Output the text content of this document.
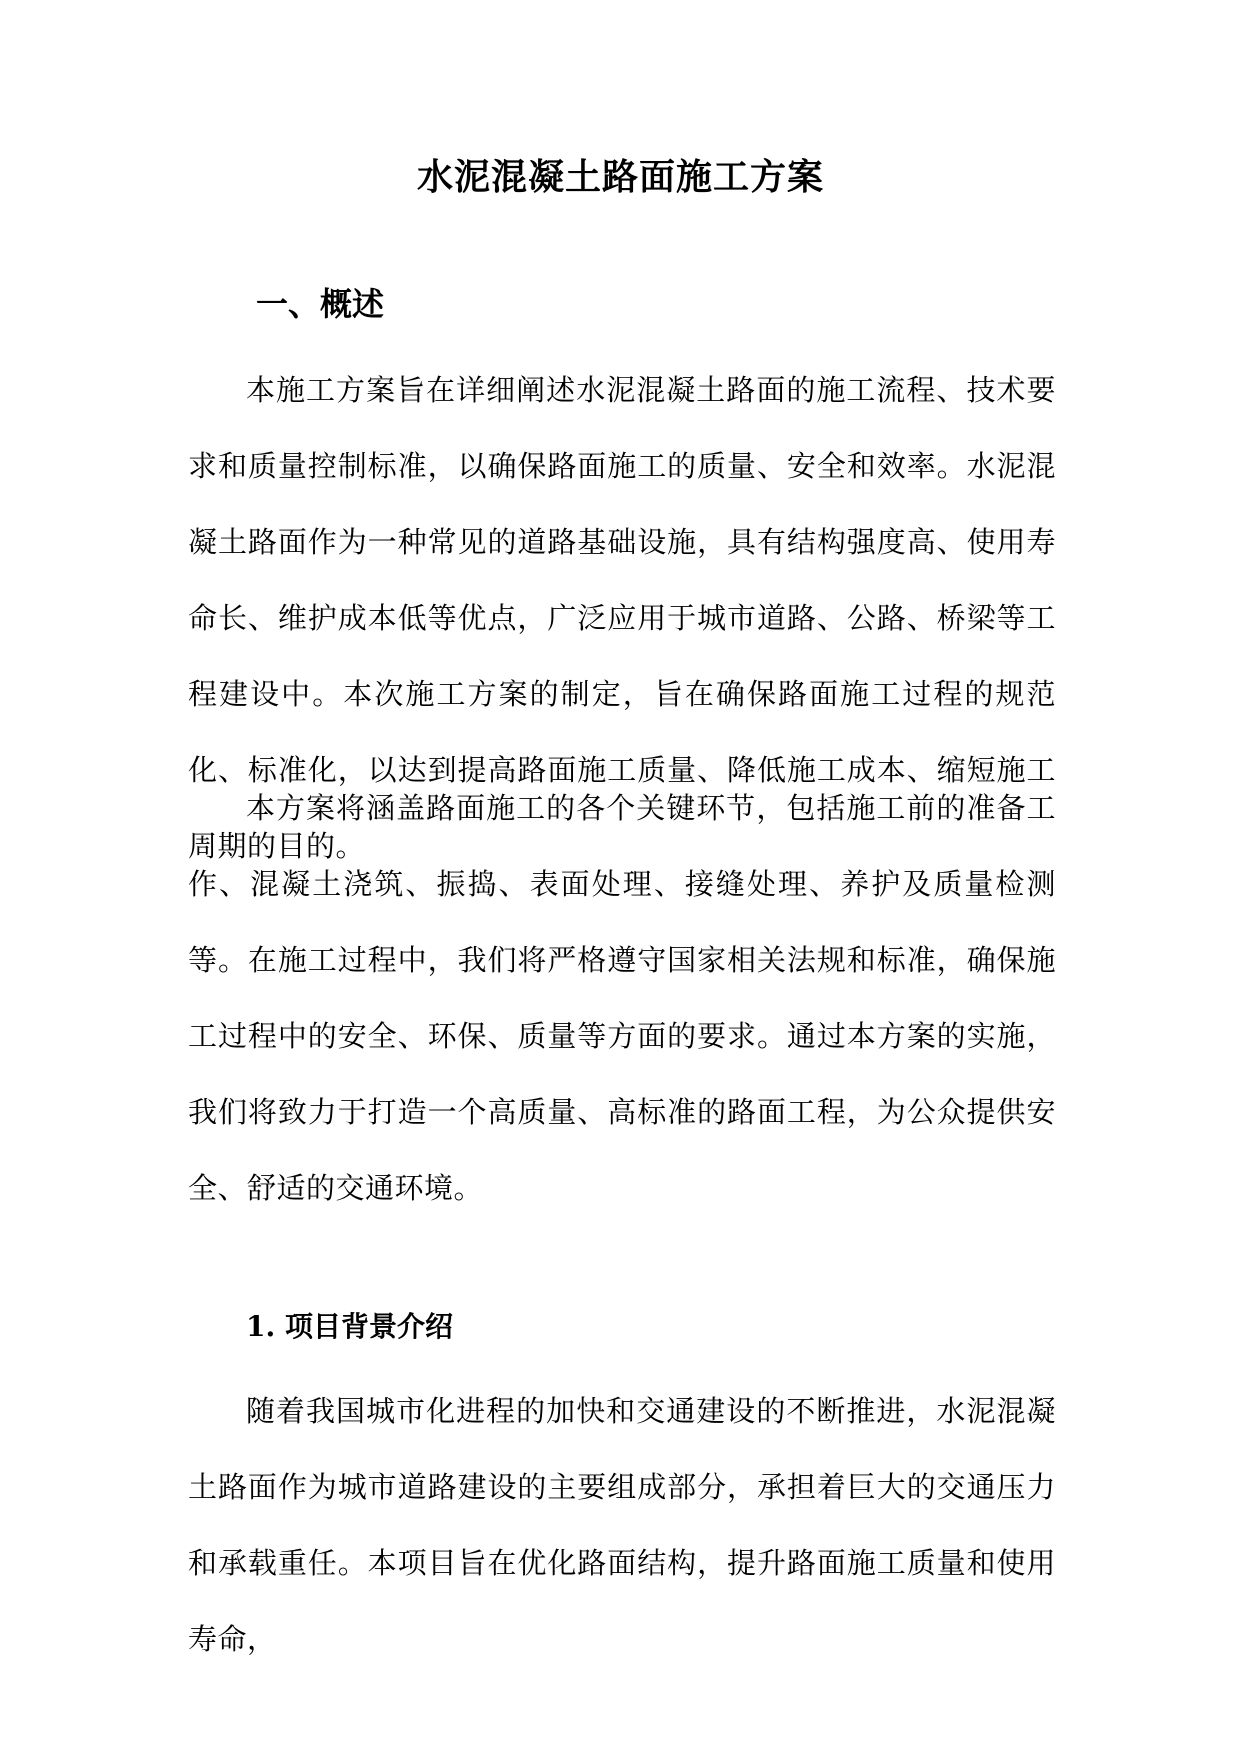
水泥混凝土路面施工方案
一、概述

本施工方案旨在详细阐述水泥混凝土路面的施工流程、技术要求和质量控制标准，以确保路面施工的质量、安全和效率。水泥混凝土路面作为一种常见的道路基础设施，具有结构强度高、使用寿命长、维护成本低等优点，广泛应用于城市道路、公路、桥梁等工程建设中。本次施工方案的制定，旨在确保路面施工过程的规范化、标准化，以达到提高路面施工质量、降低施工成本、缩短施工周期的目的。

本方案将涵盖路面施工的各个关键环节，包括施工前的准备工作、混凝土浇筑、振捣、表面处理、接缝处理、养护及质量检测等。在施工过程中，我们将严格遵守国家相关法规和标准，确保施工过程中的安全、环保、质量等方面的要求。通过本方案的实施，我们将致力于打造一个高质量、高标准的路面工程，为公众提供安全、舒适的交通环境。

1. 项目背景介绍

随着我国城市化进程的加快和交通建设的不断推进，水泥混凝土路面作为城市道路建设的主要组成部分，承担着巨大的交通压力和承载重任。本项目旨在优化路面结构，提升路面施工质量和使用寿命，
